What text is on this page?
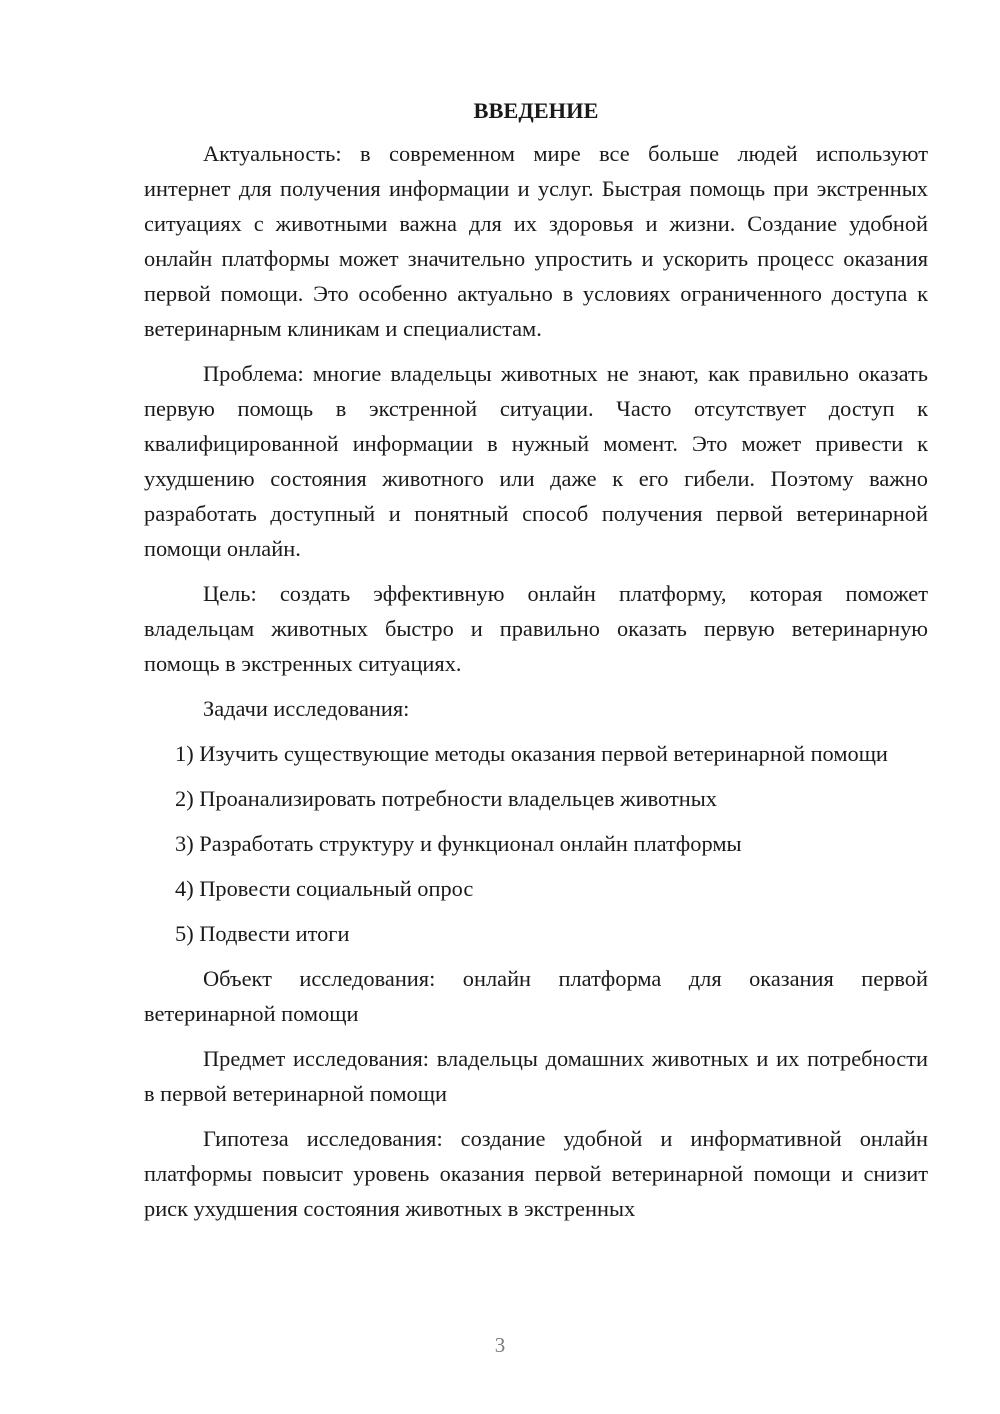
ВВЕДЕНИЕ

Актуальность: в современном мире все больше людей используют интернет для получения информации и услуг. Быстрая помощь при экстренных ситуациях с животными важна для их здоровья и жизни. Создание удобной онлайн платформы может значительно упростить и ускорить процесс оказания первой помощи. Это особенно актуально в условиях ограниченного доступа к ветеринарным клиникам и специалистам.

Проблема: многие владельцы животных не знают, как правильно оказать первую помощь в экстренной ситуации. Часто отсутствует доступ к квалифицированной информации в нужный момент. Это может привести к ухудшению состояния животного или даже к его гибели. Поэтому важно разработать доступный и понятный способ получения первой ветеринарной помощи онлайн.

Цель: создать эффективную онлайн платформу, которая поможет владельцам животных быстро и правильно оказать первую ветеринарную помощь в экстренных ситуациях.

Задачи исследования:

1) Изучить существующие методы оказания первой ветеринарной помощи

2) Проанализировать потребности владельцев животных

3) Разработать структуру и функционал онлайн платформы

4) Провести социальный опрос

5) Подвести итоги

Объект исследования: онлайн платформа для оказания первой ветеринарной помощи

Предмет исследования: владельцы домашних животных и их потребности в первой ветеринарной помощи

Гипотеза исследования: создание удобной и информативной онлайн платформы повысит уровень оказания первой ветеринарной помощи и снизит риск ухудшения состояния животных в экстренных

3
